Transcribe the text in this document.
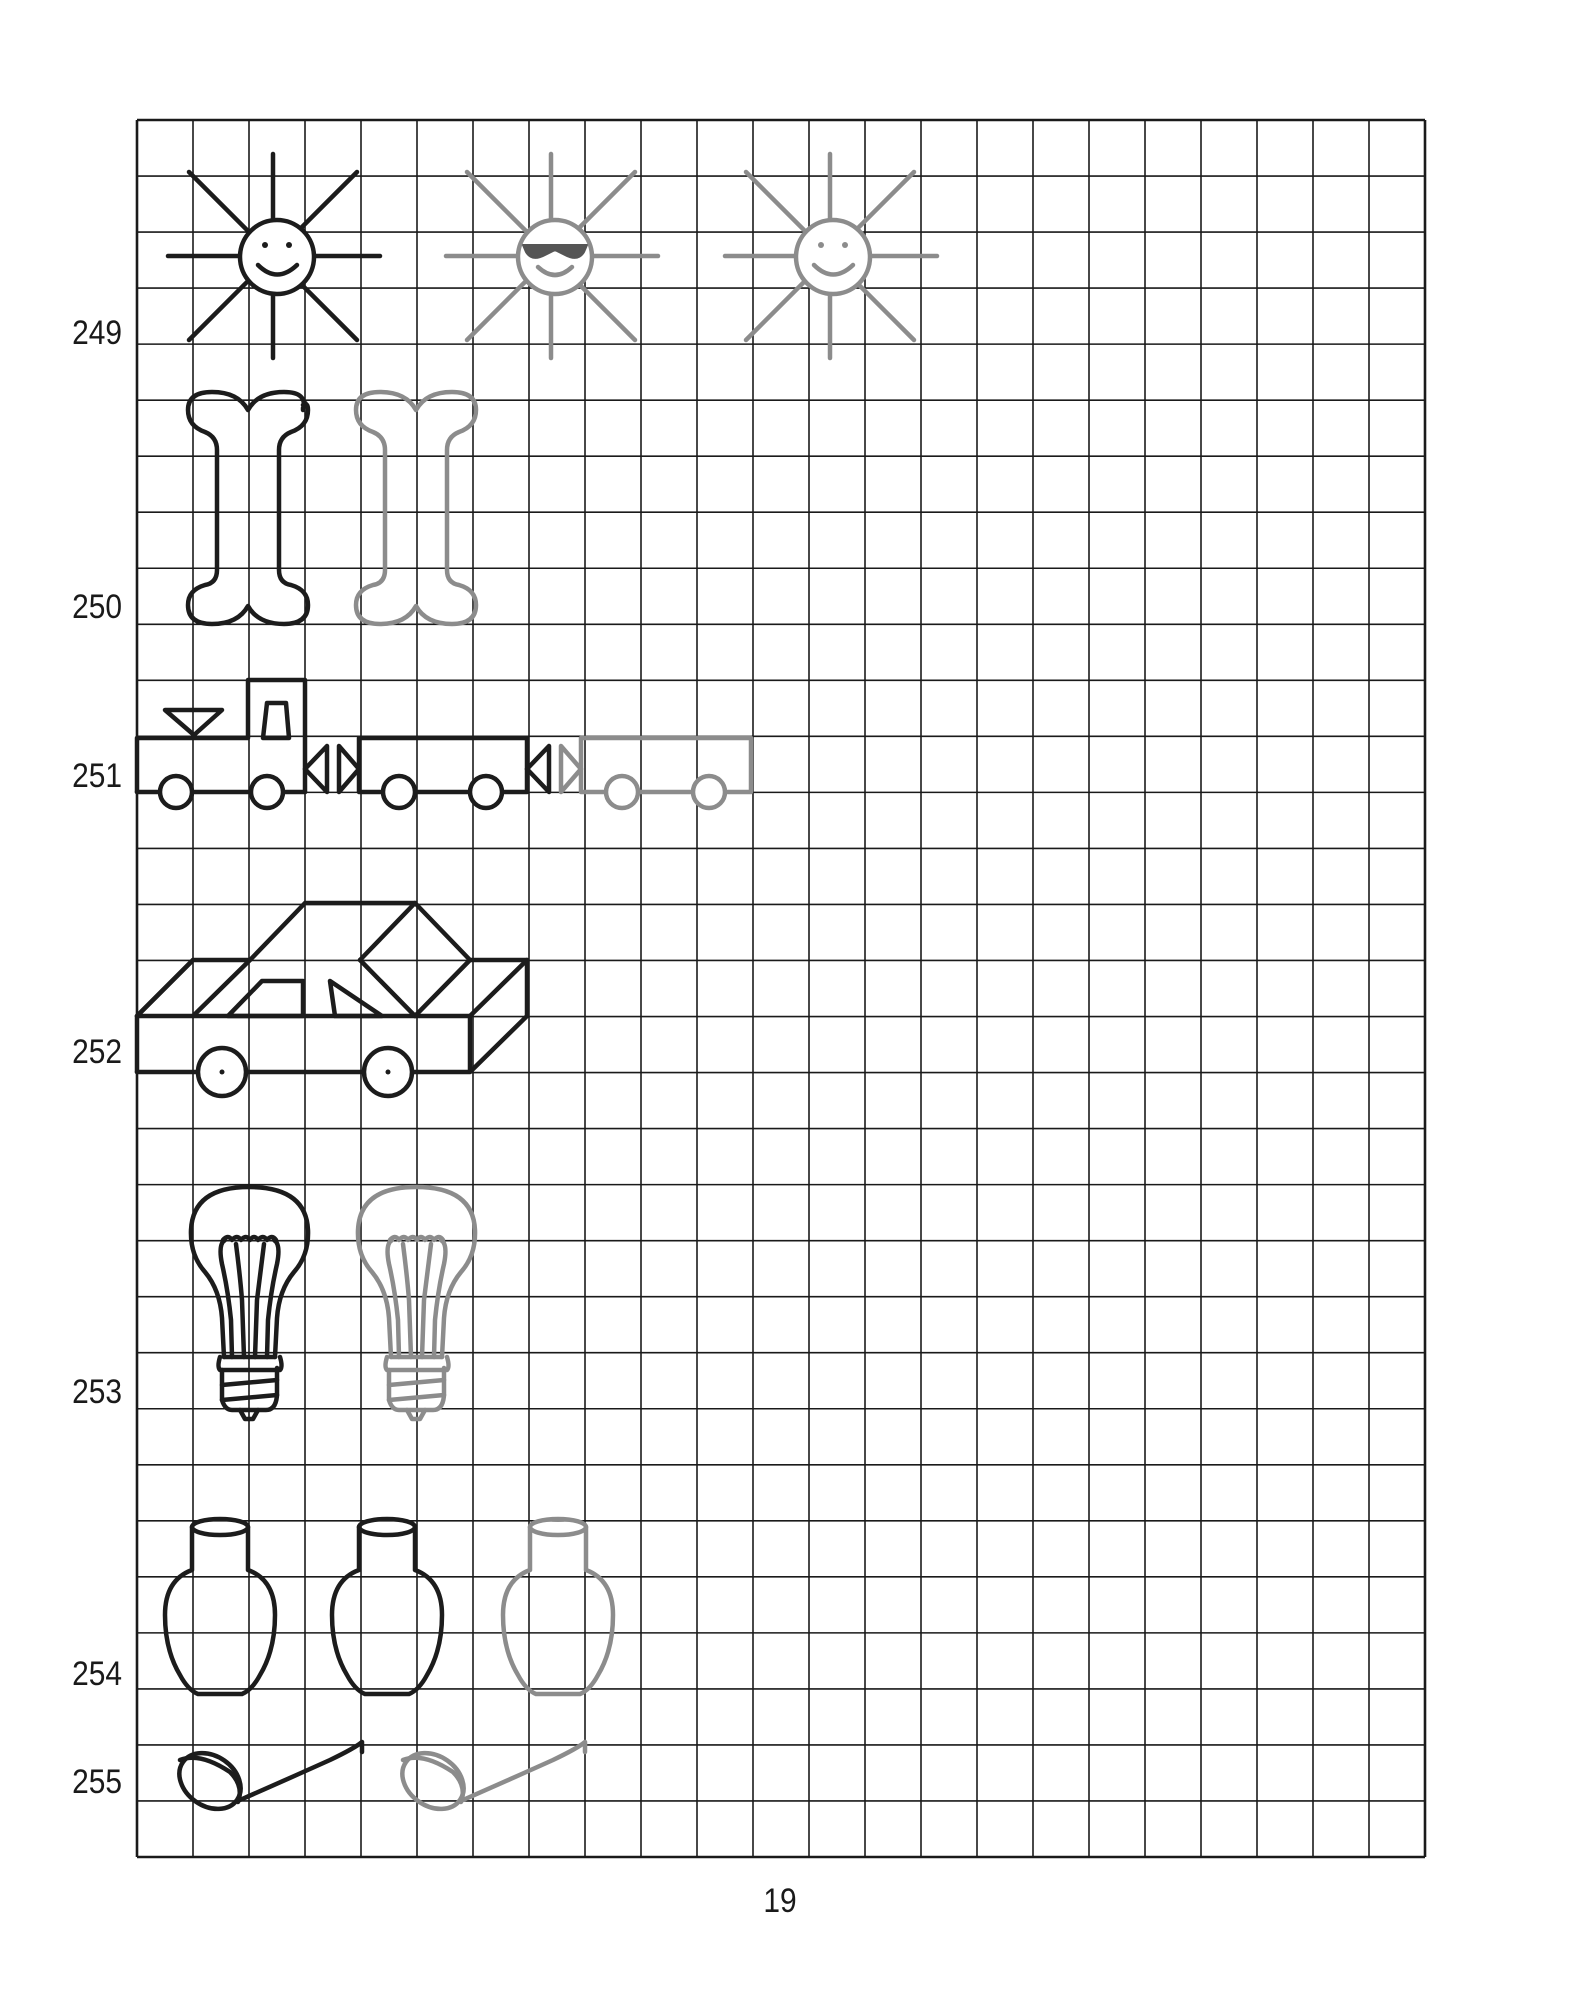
249
250
251
252
253
254
255
19
